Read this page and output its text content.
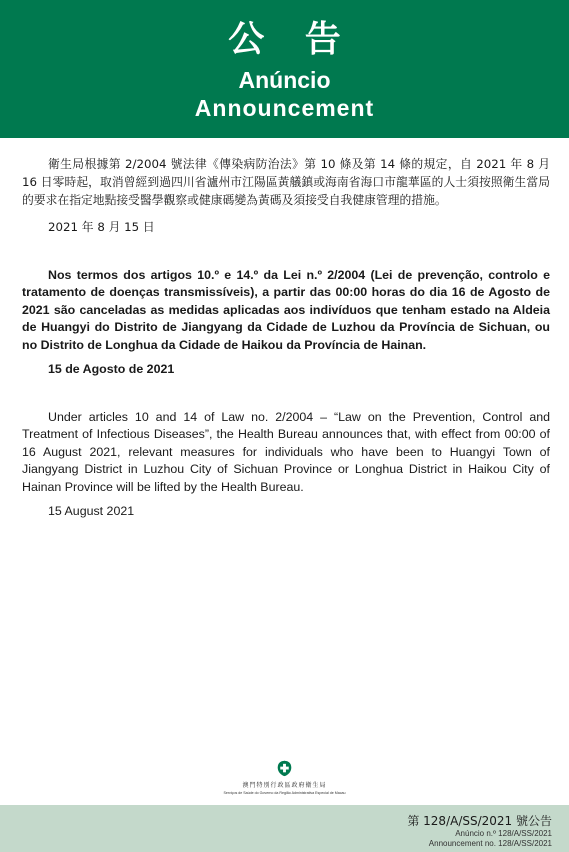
公 告
Anúncio
Announcement

衛生局根據第 2/2004 號法律《傳染病防治法》第 10 條及第 14 條的規定，自 2021 年 8 月 16 日零時起，取消曾經到過四川省瀘州市江陽區黃艤鎮或海南省海口市龍華區的人士須按照衛生當局的要求在指定地點接受醫學觀察或健康碼變為黃碼及須接受自我健康管理的措施。

2021 年 8 月 15 日

Nos termos dos artigos 10.º e 14.º da Lei n.º 2/2004 (Lei de prevenção, controlo e tratamento de doenças transmissíveis), a partir das 00:00 horas do dia 16 de Agosto de 2021 são canceladas as medidas aplicadas aos indivíduos que tenham estado na Aldeia de Huangyi do Distrito de Jiangyang da Cidade de Luzhou da Província de Sichuan, ou no Distrito de Longhua da Cidade de Haikou da Província de Hainan.

15 de Agosto de 2021

Under articles 10 and 14 of Law no. 2/2004 – “Law on the Prevention, Control and Treatment of Infectious Diseases”, the Health Bureau announces that, with effect from 00:00 of 16 August 2021, relevant measures for individuals who have been to Huangyi Town of Jiangyang District in Luzhou City of Sichuan Province or Longhua District in Haikou City of Hainan Province will be lifted by the Health Bureau.

15 August 2021
澳門特別行政區政府衛生局
Serviços de Saúde do Governo da Região Administrativa Especial de Macau
第 128/A/SS/2021 號公告
Anúncio n.º 128/A/SS/2021
Announcement no. 128/A/SS/2021
